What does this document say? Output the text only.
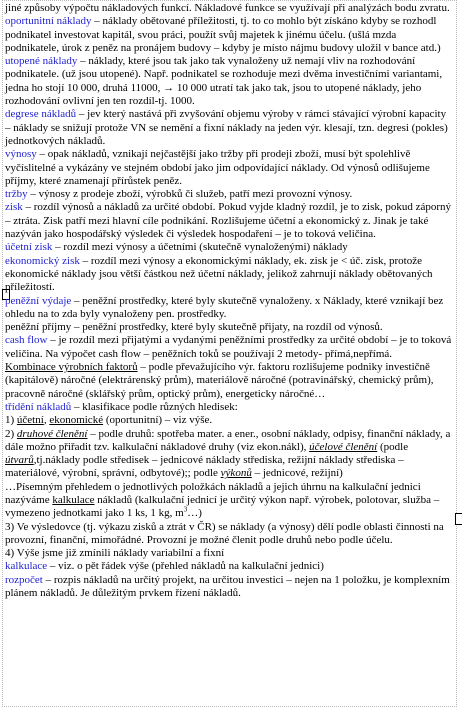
jiné způsoby výpočtu nákladových funkcí. Nákladové funkce se využívají při analýzách bodu zvratu.

oportunitní náklady – náklady obětované příležitosti, tj. to co mohlo být získáno kdyby se rozhodl podnikatel investovat kapitál, svou práci, použít svůj majetek k jinému účelu. (ušlá mzda podnikatele, úrok z peněz na pronájem budovy – kdyby je místo nájmu budovy uložil v bance atd.)

utopené náklady – náklady, které jsou tak jako tak vynaloženy už nemají vliv na rozhodování podnikatele. (už jsou utopené). Např. podnikatel se rozhoduje mezi dvěma investičními variantami, jedna ho stojí 10 000, druhá 11000, → 10 000 utratí tak jako tak, jsou to utopené náklady, jeho rozhodování ovlivní jen ten rozdíl-tj. 1000.

degrese nákladů – jev který nastává při zvyšování objemu výroby v rámci stávající výrobní kapacity – náklady se snižují protože VN se nemění a fixní náklady na jeden výr. klesají, tzn. degresi (pokles) jednotkových nákladů.

výnosy – opak nákladů, vznikají nejčastější jako tržby při prodeji zboží, musí být spolehlivě vyčíslitelné a vykázány ve stejném období jako jim odpovídající náklady. Od výnosů odlišujeme příjmy, které znamenají přírůstek peněz.

tržby – výnosy z prodeje zboží, výrobků či služeb, patří mezi provozní výnosy.

zisk – rozdíl výnosů a nákladů za určité období. Pokud vyjde kladný rozdíl, je to zisk, pokud záporný – ztráta. Zisk patří mezi hlavní cíle podnikání. Rozlišujeme účetní a ekonomický z. Jinak je také nazýván jako hospodářský výsledek či výsledek hospodaření – je to toková veličina.

účetní zisk – rozdíl mezi výnosy a účetními (skutečně vynaloženými) náklady

ekonomický zisk – rozdíl mezi výnosy a ekonomickými náklady, ek. zisk je < úč. zisk, protože ekonomické náklady jsou větší částkou než účetní náklady, jelikož zahrnují náklady obětovaných příležitostí.

peněžní výdaje – peněžní prostředky, které byly skutečně vynaloženy. x Náklady, které vznikají bez ohledu na to zda byly vynaloženy pen. prostředky.

peněžní příjmy – peněžní prostředky, které byly skutečně přijaty, na rozdíl od výnosů.

cash flow – je rozdíl mezi přijatými a vydanými peněžními prostředky za určité období – je to toková veličina. Na výpočet cash flow – peněžních toků se používají 2 metody- přímá,nepřímá.

Kombinace výrobních faktorů – podle převažujícího výr. faktoru rozlišujeme podniky investičně (kapitálově) náročné (elektrárenský prům), materiálově náročné (potravinářský, chemický prům), pracovně náročné (sklářský prům, optický prům), energeticky náročné…

třídění nákladů – klasifikace podle různých hledisek:

1) účetní, ekonomické (oportunitní) – viz výše.

2) druhové členění – podle druhů: spotřeba mater. a ener., osobní náklady, odpisy, finanční náklady, a dále možno přiřadit tzv. kalkulační nákladové druhy (viz ekon.nákl), účelové členění (podle útvarů,tj.náklady podle středisek – jednicové náklady střediska, režijní náklady střediska – materiálové, výrobní, správní, odbytové);; podle výkonů – jednicové, režijní)

…Písemným přehledem o jednotlivých položkách nákladů a jejich úhrnu na kalkulační jednici nazýváme kalkulace nákladů (kalkulační jednicí je určitý výkon např. výrobek, polotovar, služba – vymezeno jednotkami jako 1 ks, 1 kg, $m^3\dots$)

3) Ve výsledovce (tj. výkazu zisků a ztrát v ČR) se náklady (a výnosy) dělí podle oblasti činnosti na provozní, finanční, mimořádné. Provozní je možné členit podle druhů nebo podle účelu.

4) Výše jsme již zmínili náklady variabilní a fixní

kalkulace – viz. o pět řádek výše (přehled nákladů na kalkulační jednici)

rozpočet – rozpis nákladů na určitý projekt, na určitou investici – nejen na 1 položku, je komplexním plánem nákladů. Je důležitým prvkem řízení nákladů.
